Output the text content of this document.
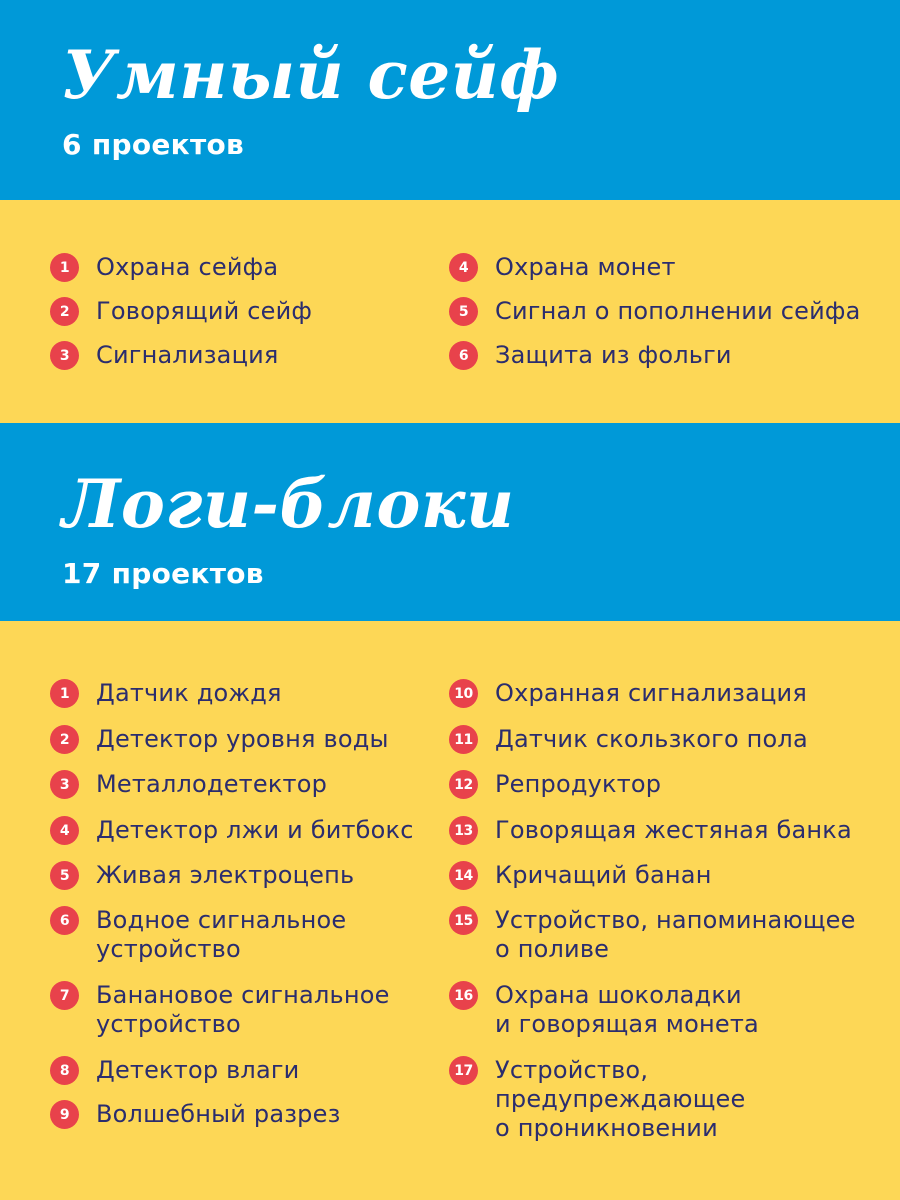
Умный сейф
6 проектов
1	Охрана сейфа
2	Говорящий сейф
3	Сигнализация
4	Охрана монет
5	Сигнал о пополнении сейфа
6	Защита из фольги
Логи-блоки
17 проектов
1	Датчик дождя
2	Детектор уровня воды
3	Металлодетектор
4	Детектор лжи и битбокс
5	Живая электроцепь
6	Водное сигнальное
устройство
7	Банановое сигнальное
устройство
8	Детектор влаги
9	Волшебный разрез
10 Охранная сигнализация
11 Датчик скользкого пола
12 Репродуктор
13 Говорящая жестяная банка
14 Кричащий банан
15 Устройство, напоминающее
о поливе
16 Охрана шоколадки
и говорящая монета
17 Устройство,
предупреждающее
о проникновении
